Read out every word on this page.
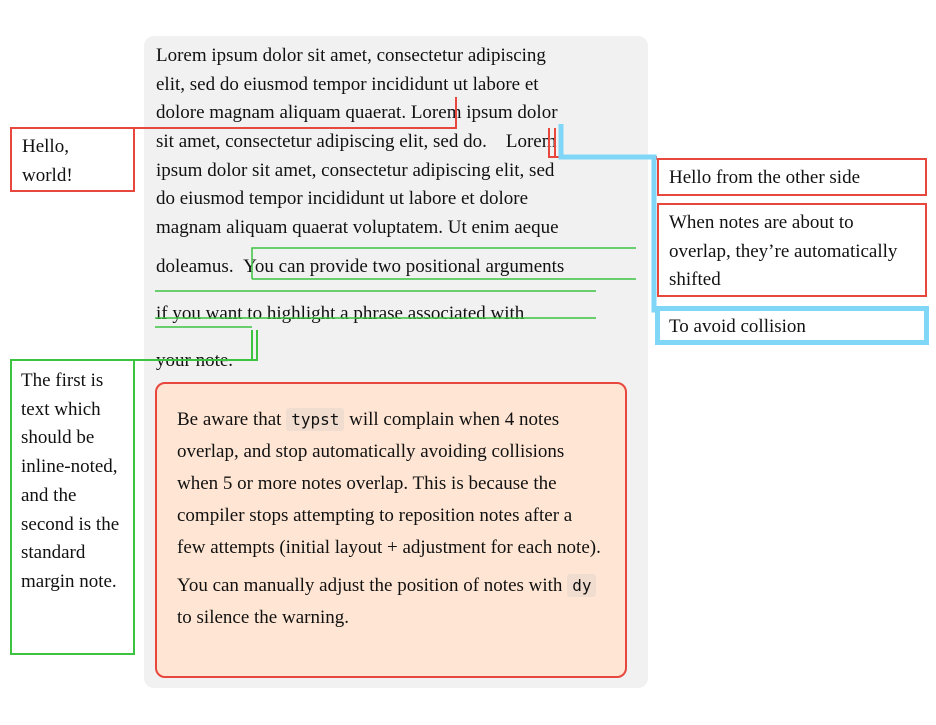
Lorem ipsum dolor sit amet, consectetur adipiscing
elit, sed do eiusmod tempor incididunt ut labore et
dolore magnam aliquam quaerat. Lorem ipsum dolor
sit amet, consectetur adipiscing elit, sed do. Lorem
ipsum dolor sit amet, consectetur adipiscing elit, sed
do eiusmod tempor incididunt ut labore et dolore
magnam aliquam quaerat voluptatem. Ut enim aeque
doleamus. You can provide two positional arguments
if you want to highlight a phrase associated with
your note.
Hello, world!	Hello from the other side
When notes are about to overlap, they’re automatically shifted
To avoid collision
The first is text which should be inline-noted, and the second is the standard margin note.

Be aware that typst will complain when 4 notes overlap, and stop automatically avoiding collisions when 5 or more notes overlap. This is because the compiler stops attempting to reposition notes after a few attempts (initial layout + adjustment for each note).

You can manually adjust the position of notes with dy to silence the warning.
